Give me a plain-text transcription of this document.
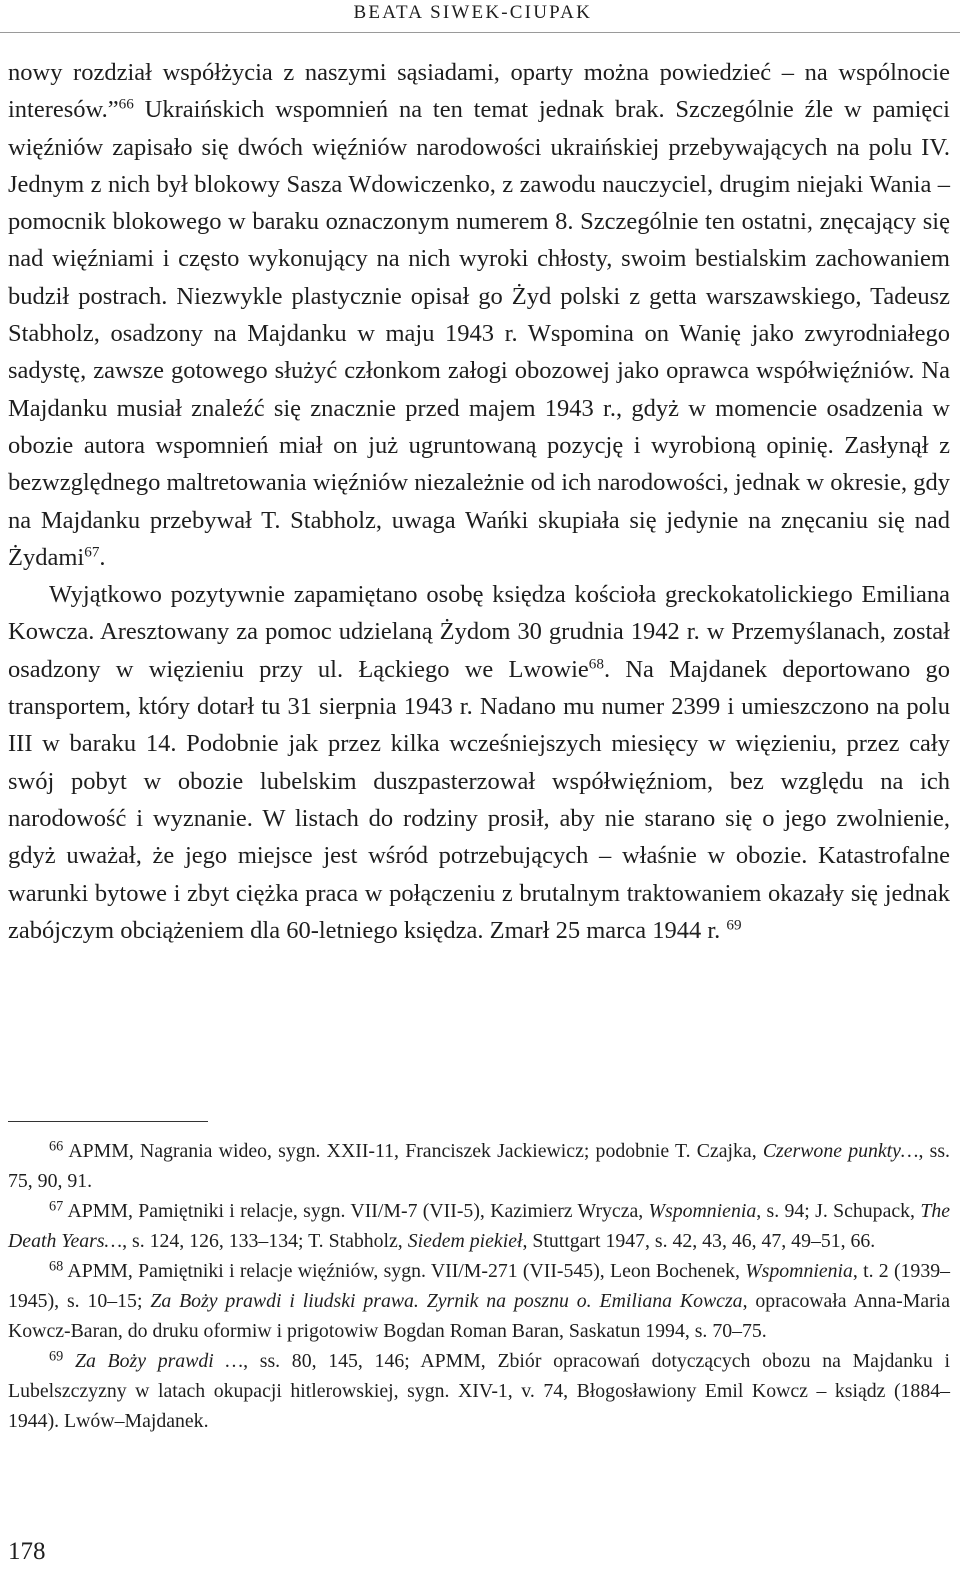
BEATA SIWEK-CIUPAK

nowy rozdział współżycia z naszymi sąsiadami, oparty można powiedzieć – na wspólnocie interesów.”$^{66}$ Ukraińskich wspomnień na ten temat jednak brak. Szczególnie źle w pamięci więźniów zapisało się dwóch więźniów narodowości ukraińskiej przebywających na polu IV. Jednym z nich był blokowy Sasza Wdowiczenko, z zawodu nauczyciel, drugim niejaki Wania – pomocnik blokowego w baraku oznaczonym numerem 8. Szczególnie ten ostatni, znęcający się nad więźniami i często wykonujący na nich wyroki chłosty, swoim bestialskim zachowaniem budził postrach. Niezwykle plastycznie opisał go Żyd polski z getta warszawskiego, Tadeusz Stabholz, osadzony na Majdanku w maju 1943 r. Wspomina on Wanię jako zwyrodniałego sadystę, zawsze gotowego służyć członkom załogi obozowej jako oprawca współwięźniów. Na Majdanku musiał znaleźć się znacznie przed majem 1943 r., gdyż w momencie osadzenia w obozie autora wspomnień miał on już ugruntowaną pozycję i wyrobioną opinię. Zasłynął z bezwzględnego maltretowania więźniów niezależnie od ich narodowości, jednak w okresie, gdy na Majdanku przebywał T. Stabholz, uwaga Wańki skupiała się jedynie na znęcaniu się nad Żydami$^{67}$.

Wyjątkowo pozytywnie zapamiętano osobę księdza kościoła greckokatolickiego Emiliana Kowcza. Aresztowany za pomoc udzielaną Żydom 30 grudnia 1942 r. w Przemyślanach, został osadzony w więzieniu przy ul. Łąckiego we Lwowie$^{68}$. Na Majdanek deportowano go transportem, który dotarł tu 31 sierpnia 1943 r. Nadano mu numer 2399 i umieszczono na polu III w baraku 14. Podobnie jak przez kilka wcześniejszych miesięcy w więzieniu, przez cały swój pobyt w obozie lubelskim duszpasterzował współwięźniom, bez względu na ich narodowość i wyznanie. W listach do rodziny prosił, aby nie starano się o jego zwolnienie, gdyż uważał, że jego miejsce jest wśród potrzebujących – właśnie w obozie. Katastrofalne warunki bytowe i zbyt ciężka praca w połączeniu z brutalnym traktowaniem okazały się jednak zabójczym obciążeniem dla 60-letniego księdza. Zmarł 25 marca 1944 r. $^{69}$

$^{66}$ APMM, Nagrania wideo, sygn. XXII-11, Franciszek Jackiewicz; podobnie T. Czajka, Czerwone punkty…, ss. 75, 90, 91.

$^{67}$ APMM, Pamiętniki i relacje, sygn. VII/M-7 (VII-5), Kazimierz Wrycza, Wspomnienia, s. 94; J. Schupack, The Death Years…, s. 124, 126, 133–134; T. Stabholz, Siedem piekieł, Stuttgart 1947, s. 42, 43, 46, 47, 49–51, 66.

$^{68}$ APMM, Pamiętniki i relacje więźniów, sygn. VII/M-271 (VII-545), Leon Bochenek, Wspomnienia, t. 2 (1939–1945), s. 10–15; Za Boży prawdi i liudski prawa. Zyrnik na posznu o. Emiliana Kowcza, opracowała Anna-Maria Kowcz-Baran, do druku oformiw i prigotowiw Bogdan Roman Baran, Saskatun 1994, s. 70–75.

$^{69}$ Za Boży prawdi …, ss. 80, 145, 146; APMM, Zbiór opracowań dotyczących obozu na Majdanku i Lubelszczyzny w latach okupacji hitlerowskiej, sygn. XIV-1, v. 74, Błogosławiony Emil Kowcz – ksiądz (1884–1944). Lwów–Majdanek.

178
